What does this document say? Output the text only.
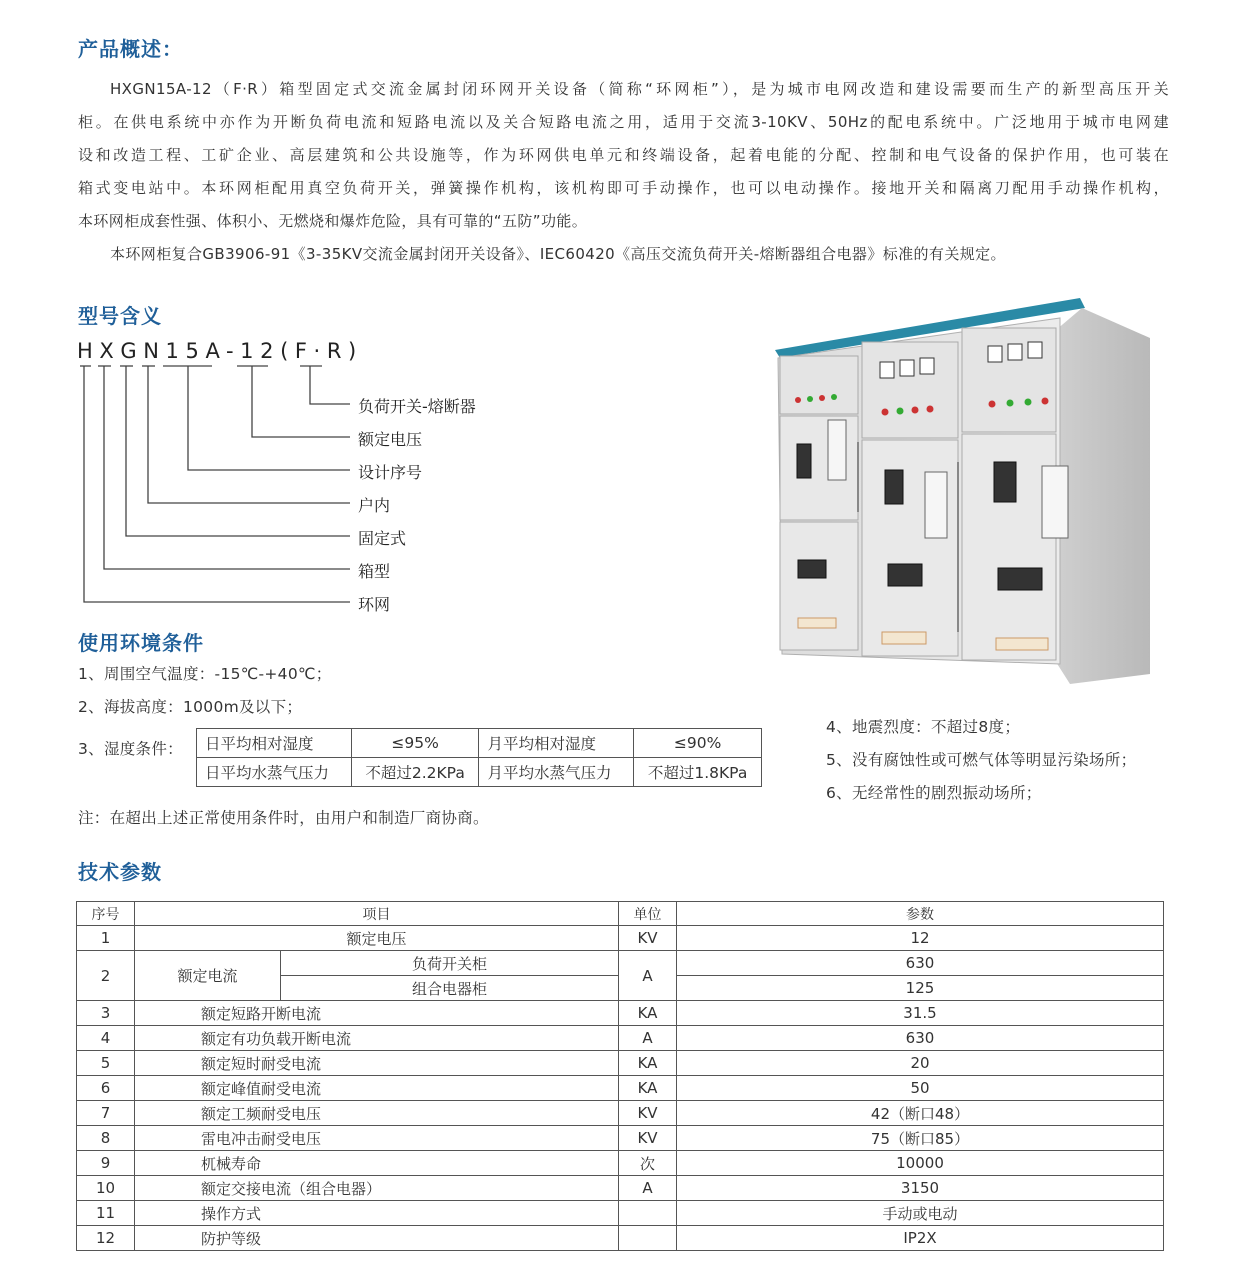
产品概述：
HXGN15A-12（F·R）箱型固定式交流金属封闭环网开关设备（简称“环网柜”），是为城市电网改造和建设需要而生产的新型高压开关
柜。在供电系统中亦作为开断负荷电流和短路电流以及关合短路电流之用，适用于交流3-10KV、50Hz的配电系统中。广泛地用于城市电网建
设和改造工程、工矿企业、高层建筑和公共设施等，作为环网供电单元和终端设备，起着电能的分配、控制和电气设备的保护作用，也可装在
箱式变电站中。本环网柜配用真空负荷开关，弹簧操作机构，该机构即可手动操作，也可以电动操作。接地开关和隔离刀配用手动操作机构，
本环网柜成套性强、体积小、无燃烧和爆炸危险，具有可靠的“五防”功能。
本环网柜复合GB3906-91《3-35KV交流金属封闭开关设备》、IEC60420《高压交流负荷开关-熔断器组合电器》标准的有关规定。
型号含义
HXGN15A-12(F·R)
负荷开关-熔断器
额定电压
设计序号
户内
固定式
箱型
环网
使用环境条件
1、周围空气温度：-15℃-+40℃；
2、海拔高度：1000m及以下；
3、湿度条件： 日平均相对湿度	≤95%	月平均相对湿度	≤90%
日平均水蒸气压力	不超过2.2KPa	月平均水蒸气压力	不超过1.8KPa
4、地震烈度：不超过8度；
5、没有腐蚀性或可燃气体等明显污染场所；
6、无经常性的剧烈振动场所；
注：在超出上述正常使用条件时，由用户和制造厂商协商。
技术参数
序号	项目		单位	参数
1	额定电压		KV	12
2	额定电流	负荷开关柜	A	630
		组合电器柜		125
3	额定短路开断电流		KA	31.5
4	额定有功负载开断电流		A	630
5	额定短时耐受电流		KA	20
6	额定峰值耐受电流		KA	50
7	额定工频耐受电压		KV	42（断口48）
8	雷电冲击耐受电压		KV	75（断口85）
9	杌械寿命		次	10000
10	额定交接电流（组合电器）		A	3150
11	操作方式			手动或电动
12	防护等级			IP2X
